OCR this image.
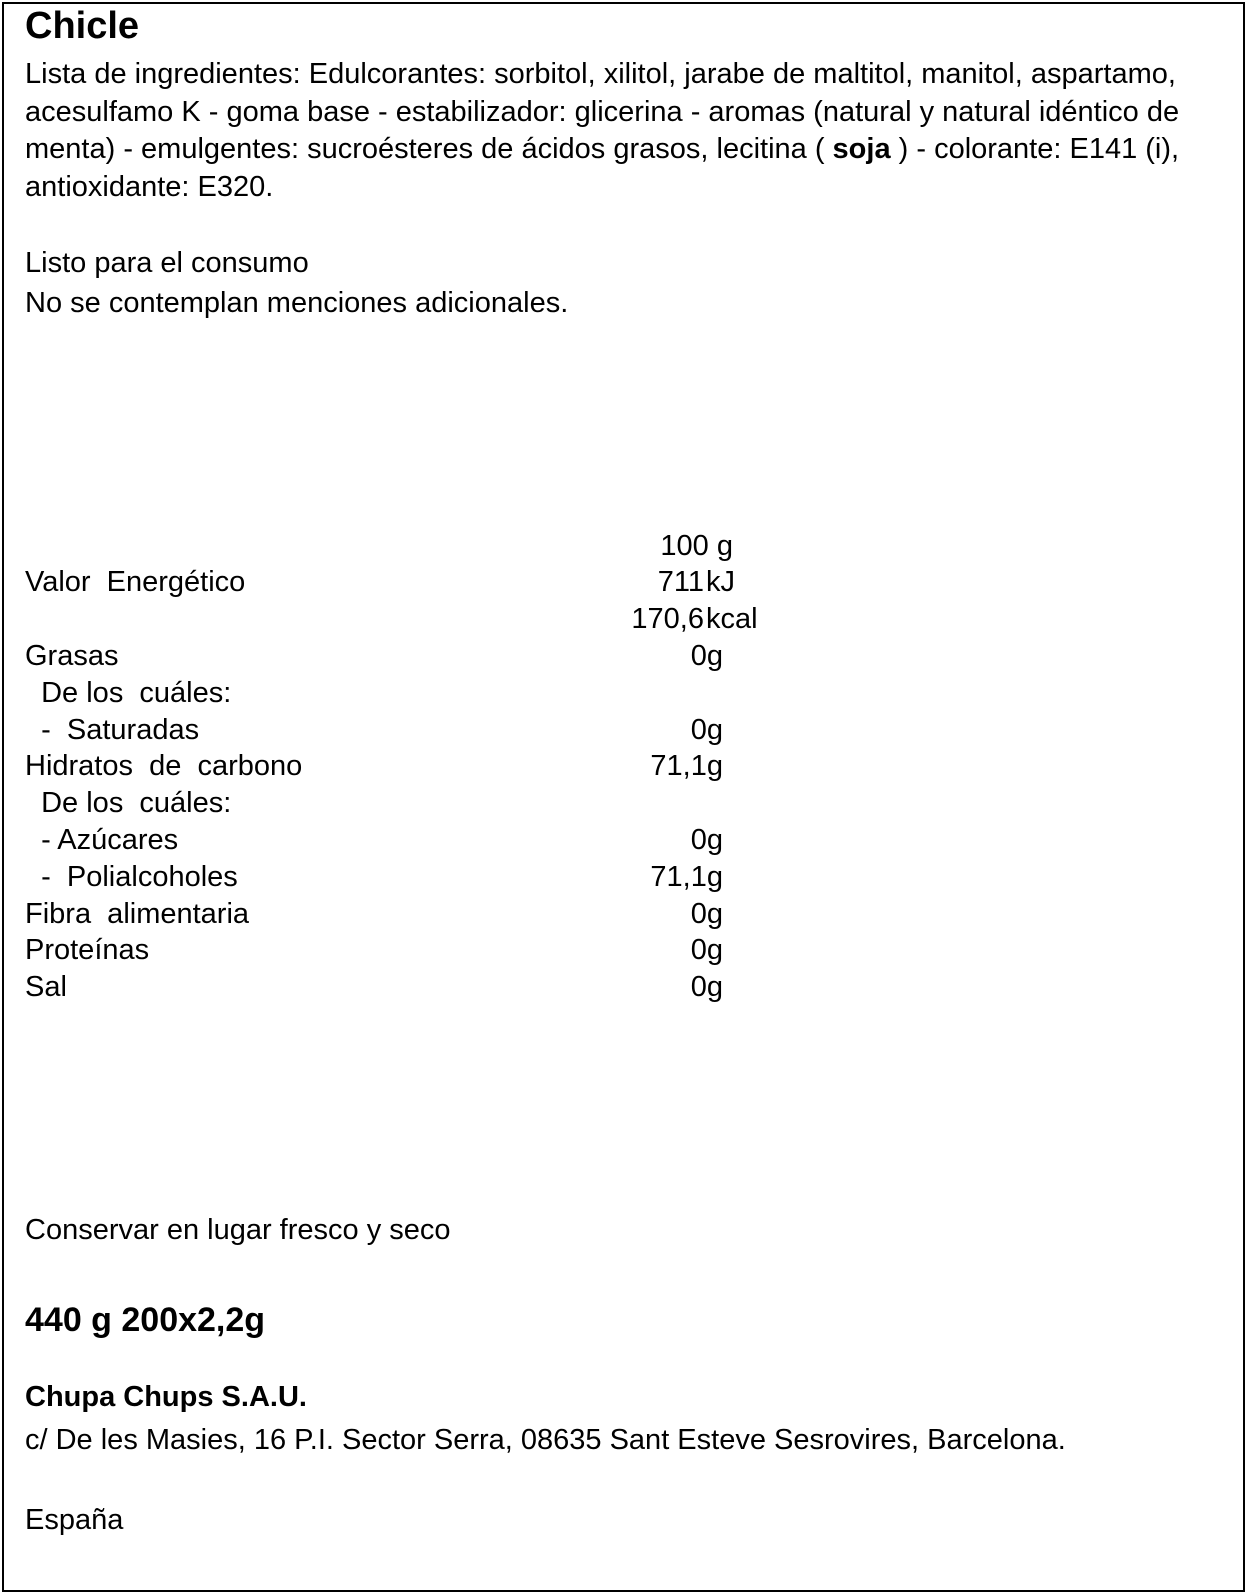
Chicle
Lista de ingredientes: Edulcorantes: sorbitol, xilitol, jarabe de maltitol, manitol, aspartamo, acesulfamo K - goma base - estabilizador: glicerina - aromas (natural y natural idéntico de menta) - emulgentes: sucroésteres de ácidos grasos, lecitina ( soja ) - colorante: E141 (i), antioxidante: E320.
Listo para el consumo
No se contemplan menciones adicionales.
100 g
Valor  Energético	711 kJ
170,6 kcal
Grasas	0g
De los  cuáles:
-  Saturadas	0g
Hidratos  de  carbono	71,1g
De los  cuáles:
- Azúcares	0g
-  Polialcoholes	71,1g
Fibra  alimentaria	0g
Proteínas	0g
Sal	0g
Conservar en lugar fresco y seco
440 g 200x2,2g
Chupa Chups S.A.U.
c/ De les Masies, 16 P.I. Sector Serra, 08635 Sant Esteve Sesrovires, Barcelona.
España
